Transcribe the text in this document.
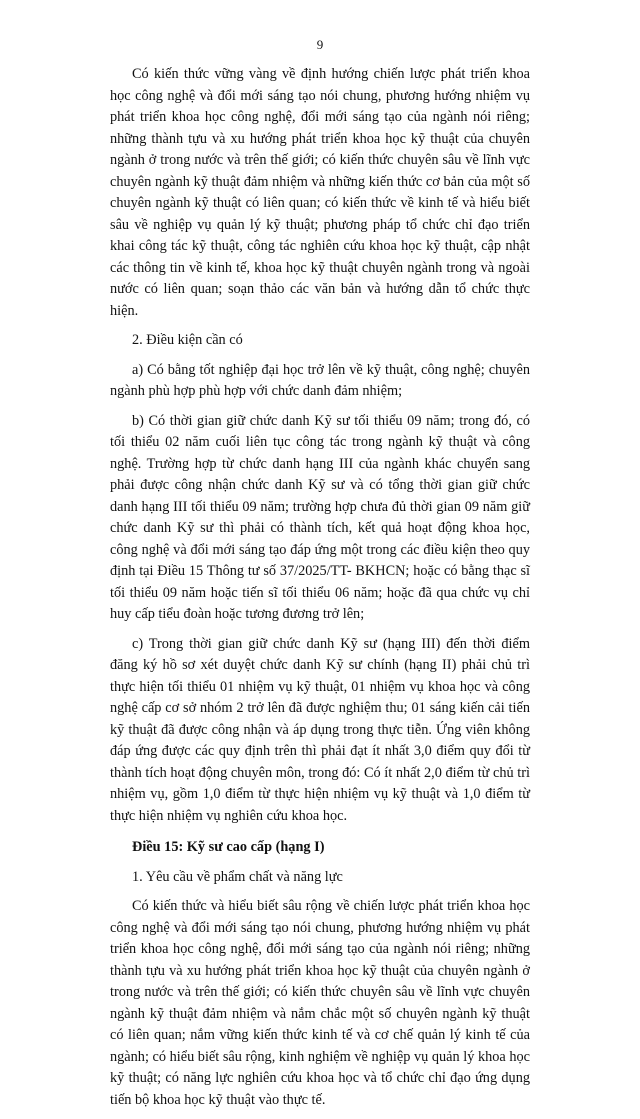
9

Có kiến thức vững vàng về định hướng chiến lược phát triển khoa học công nghệ và đổi mới sáng tạo nói chung, phương hướng nhiệm vụ phát triển khoa học công nghệ, đổi mới sáng tạo của ngành nói riêng; những thành tựu và xu hướng phát triển khoa học kỹ thuật của chuyên ngành ở trong nước và trên thế giới; có kiến thức chuyên sâu về lĩnh vực chuyên ngành kỹ thuật đảm nhiệm và những kiến thức cơ bản của một số chuyên ngành kỹ thuật có liên quan; có kiến thức về kinh tế và hiểu biết sâu về nghiệp vụ quản lý kỹ thuật; phương pháp tổ chức chỉ đạo triển khai công tác kỹ thuật, công tác nghiên cứu khoa học kỹ thuật, cập nhật các thông tin về kinh tế, khoa học kỹ thuật chuyên ngành trong và ngoài nước có liên quan; soạn thảo các văn bản và hướng dẫn tổ chức thực hiện.

2. Điều kiện cần có

a) Có bằng tốt nghiệp đại học trở lên về kỹ thuật, công nghệ; chuyên ngành phù hợp phù hợp với chức danh đảm nhiệm;

b) Có thời gian giữ chức danh Kỹ sư tối thiểu 09 năm; trong đó, có tối thiểu 02 năm cuối liên tục công tác trong ngành kỹ thuật và công nghệ. Trường hợp từ chức danh hạng III của ngành khác chuyển sang phải được công nhận chức danh Kỹ sư và có tổng thời gian giữ chức danh hạng III tối thiểu 09 năm; trường hợp chưa đủ thời gian 09 năm giữ chức danh Kỹ sư thì phải có thành tích, kết quả hoạt động khoa học, công nghệ và đổi mới sáng tạo đáp ứng một trong các điều kiện theo quy định tại Điều 15 Thông tư số 37/2025/TT- BKHCN; hoặc có bằng thạc sĩ tối thiểu 09 năm hoặc tiến sĩ tối thiểu 06 năm; hoặc đã qua chức vụ chỉ huy cấp tiểu đoàn hoặc tương đương trở lên;

c) Trong thời gian giữ chức danh Kỹ sư (hạng III) đến thời điểm đăng ký hồ sơ xét duyệt chức danh Kỹ sư chính (hạng II) phải chủ trì thực hiện tối thiểu 01 nhiệm vụ kỹ thuật, 01 nhiệm vụ khoa học và công nghệ cấp cơ sở nhóm 2 trở lên đã được nghiệm thu; 01 sáng kiến cải tiến kỹ thuật đã được công nhận và áp dụng trong thực tiễn. Ứng viên không đáp ứng được các quy định trên thì phải đạt ít nhất 3,0 điểm quy đổi từ thành tích hoạt động chuyên môn, trong đó: Có ít nhất 2,0 điểm từ chủ trì nhiệm vụ, gồm 1,0 điểm từ thực hiện nhiệm vụ kỹ thuật và 1,0 điểm từ thực hiện nhiệm vụ nghiên cứu khoa học.

Điều 15: Kỹ sư cao cấp (hạng I)

1. Yêu cầu về phẩm chất và năng lực

Có kiến thức và hiểu biết sâu rộng về chiến lược phát triển khoa học công nghệ và đổi mới sáng tạo nói chung, phương hướng nhiệm vụ phát triển khoa học công nghệ, đổi mới sáng tạo của ngành nói riêng; những thành tựu và xu hướng phát triển khoa học kỹ thuật của chuyên ngành ở trong nước và trên thế giới; có kiến thức chuyên sâu về lĩnh vực chuyên ngành kỹ thuật đảm nhiệm và nắm chắc một số chuyên ngành kỹ thuật có liên quan; nắm vững kiến thức kinh tế và cơ chế quản lý kinh tế của ngành; có hiểu biết sâu rộng, kinh nghiệm về nghiệp vụ quản lý khoa học kỹ thuật; có năng lực nghiên cứu khoa học và tổ chức chỉ đạo ứng dụng tiến bộ khoa học kỹ thuật vào thực tế.
